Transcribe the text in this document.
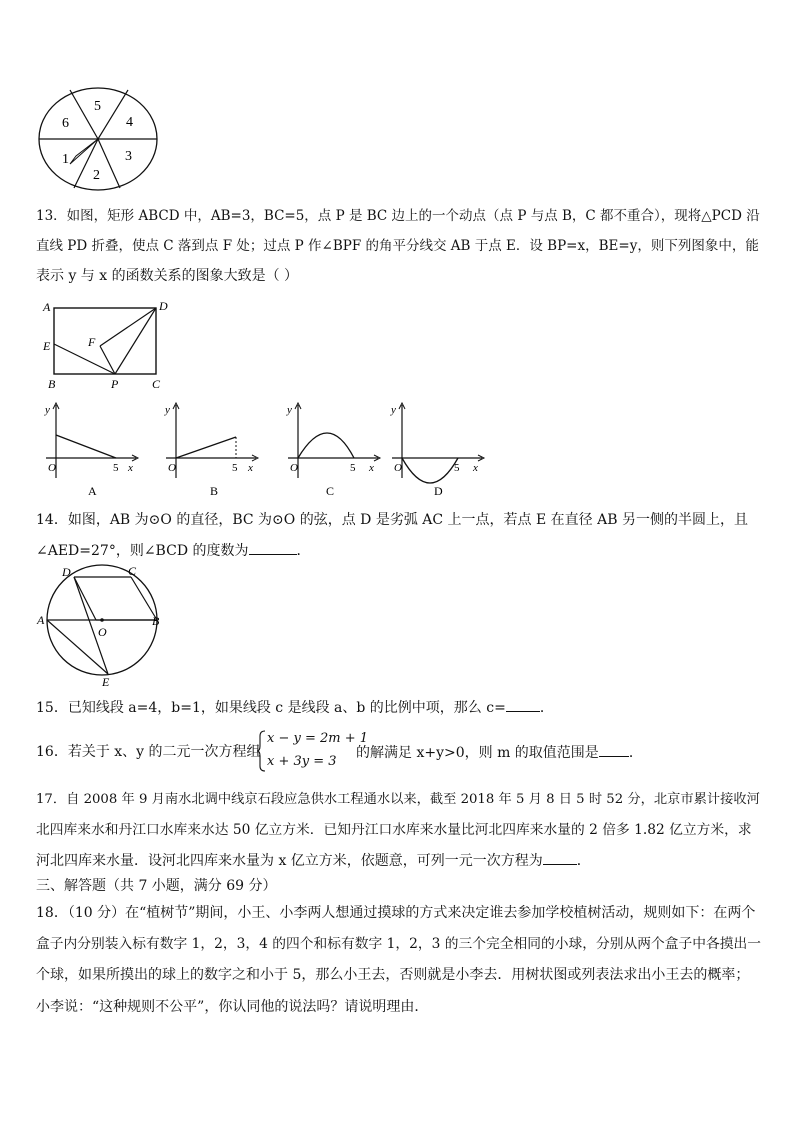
5
4
3
2
1
6
13．如图，矩形 ABCD 中，AB=3，BC=5，点 P 是 BC 边上的一个动点（点 P 与点 B，C 都不重合），现将△PCD 沿
直线 PD 折叠，使点 C 落到点 F 处；过点 P 作∠BPF 的角平分线交 AB 于点 E．设 BP=x，BE=y，则下列图象中，能
表示 y 与 x 的函数关系的图象大致是（ ）
A	D
E	F
B	P	C
y
O	5 x
y
O	5 x
y
O	5 x
y
O	5 x
A	B	C	D
14．如图，AB 为⊙O 的直径，BC 为⊙O 的弦，点 D 是劣弧 AC 上一点，若点 E 在直径 AB 另一侧的半圆上，且
∠AED=27°，则∠BCD 的度数为	．
D	C
A	B
O
E
15．已知线段 a=4，b=1，如果线段 c 是线段 a、b 的比例中项，那么 c= ．
16．若关于 x、y 的二元一次方程组
x − y = 2m + 1
x + 3y = 3
的解满足 x+y>0，则 m 的取值范围是 ．
17．自 2008 年 9 月南水北调中线京石段应急供水工程通水以来，截至 2018 年 5 月 8 日 5 时 52 分，北京市累计接收河
北四库来水和丹江口水库来水达 50 亿立方米．已知丹江口水库来水量比河北四库来水量的 2 倍多 1.82 亿立方米，求
河北四库来水量．设河北四库来水量为 x 亿立方米，依题意，可列一元一次方程为 ．
三、解答题（共 7 小题，满分 69 分）
18．（10 分）在“植树节”期间，小王、小李两人想通过摸球的方式来决定谁去参加学校植树活动，规则如下：在两个
盒子内分别装入标有数字 1，2，3，4 的四个和标有数字 1，2，3 的三个完全相同的小球，分别从两个盒子中各摸出一
个球，如果所摸出的球上的数字之和小于 5，那么小王去，否则就是小李去．用树状图或列表法求出小王去的概率；
小李说：“这种规则不公平”，你认同他的说法吗？请说明理由．
